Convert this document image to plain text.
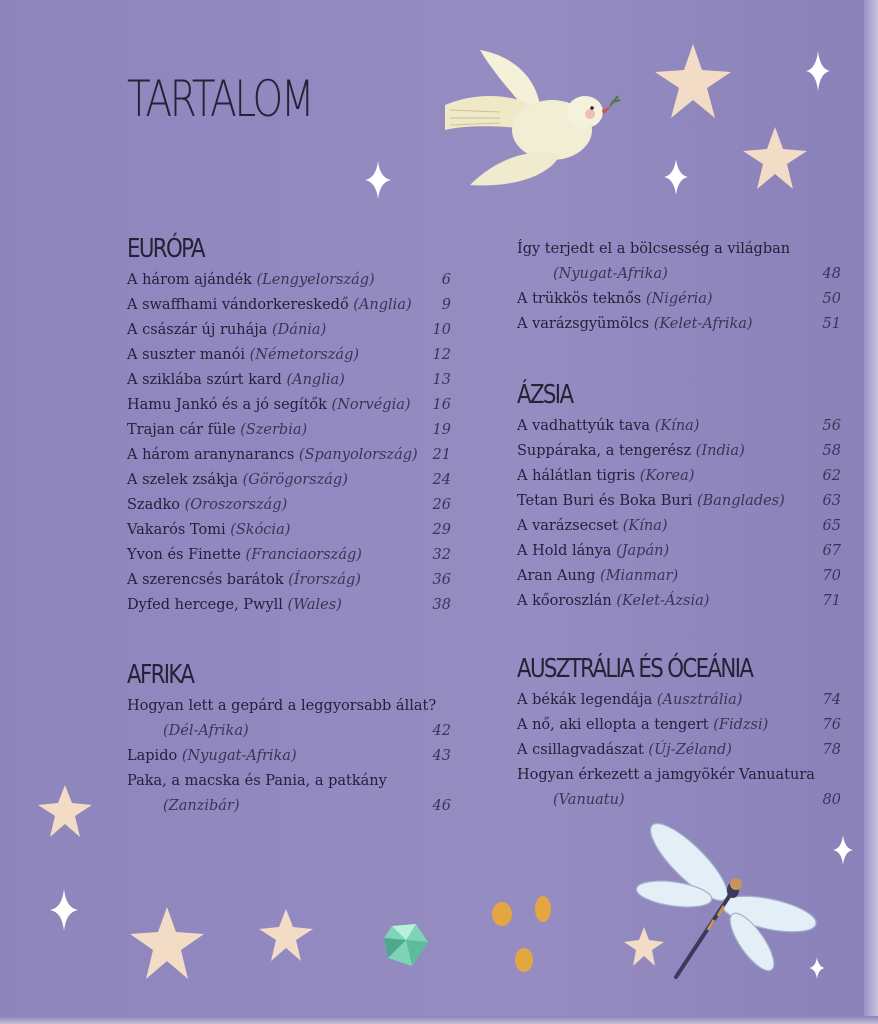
TARTALOM
EURÓPA
A három ajándék (Lengyelország)	6
A swaffhami vándorkereskedő (Anglia) 9
A császár új ruhája (Dánia)	10
A suszter manói (Németország)	12
A sziklába szúrt kard (Anglia)	13
Hamu Jankó és a jó segítők (Norvégia) 16
Trajan cár füle (Szerbia)	19
A három aranynarancs (Spanyolország) 21
A szelek zsákja (Görögország)	24
Szadko (Oroszország)	26
Vakarós Tomi (Skócia)	29
Yvon és Finette (Franciaország)	32
A szerencsés barátok (Írország)	36
Dyfed hercege, Pwyll (Wales)	38
AFRIKA
Hogyan lett a gepárd a leggyorsabb állat?
(Dél-Afrika)	42
Lapido (Nyugat-Afrika)	43
Paka, a macska és Pania, a patkány
(Zanzibár)	46
Így terjedt el a bölcsesség a világban
(Nyugat-Afrika)	48
A trükkös teknős (Nigéria)	50
A varázsgyümölcs (Kelet-Afrika)	51
ÁZSIA
A vadhattyúk tava (Kína)	56
Suppáraka, a tengerész (India)	58
A hálátlan tigris (Korea)	62
Tetan Buri és Boka Buri (Banglades)	63
A varázsecset (Kína)	65
A Hold lánya (Japán)	67
Aran Aung (Mianmar)	70
A kőoroszlán (Kelet-Ázsia)	71
AUSZTRÁLIA ÉS ÓCEÁNIA
A békák legendája (Ausztrália)	74
A nő, aki ellopta a tengert (Fidzsi)	76
A csillagvadászat (Új-Zéland)	78
Hogyan érkezett a jamgyökér Vanuatura
(Vanuatu)	80
